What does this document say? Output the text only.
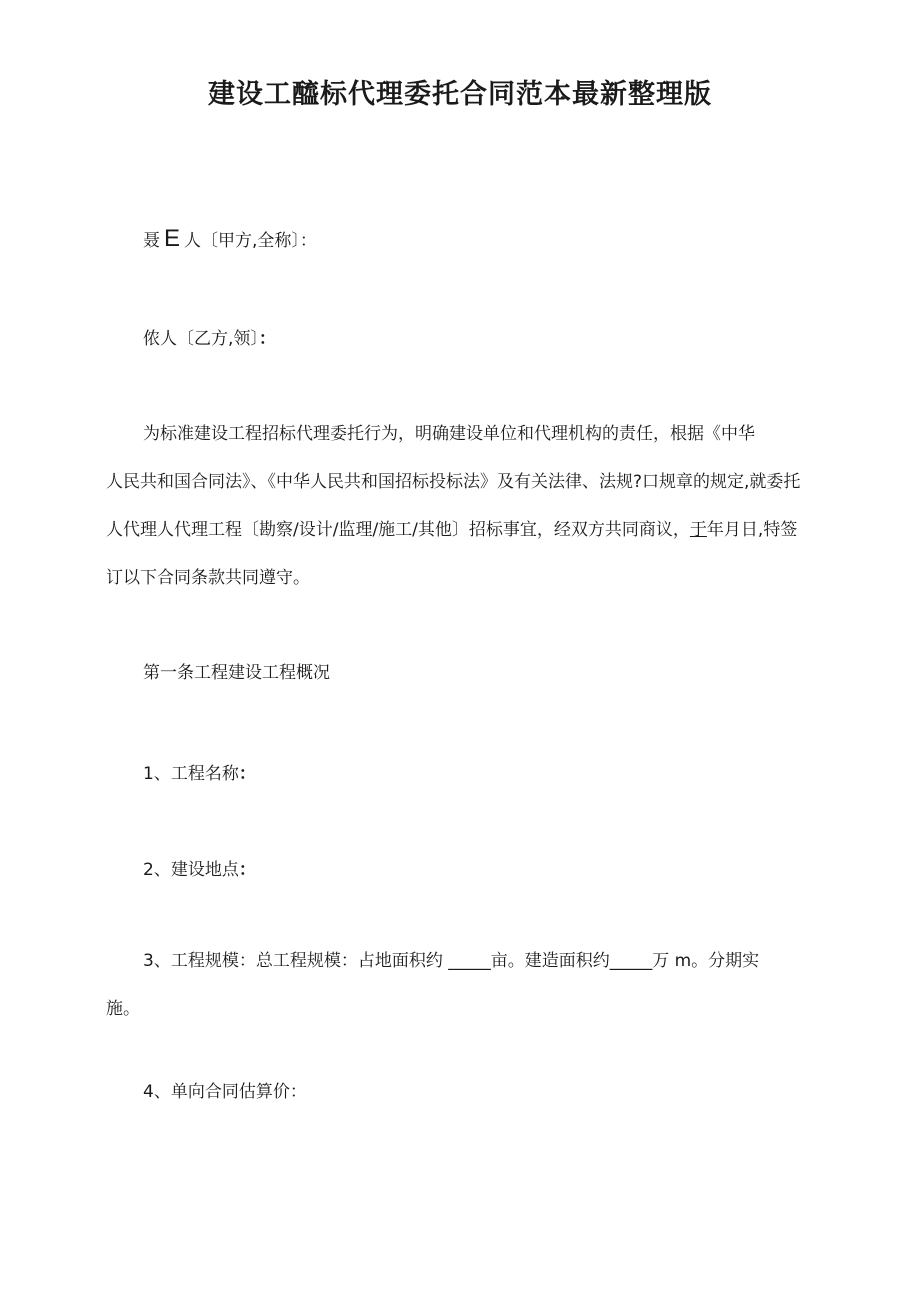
建设工醯标代理委托合同范本最新整理版
聂 E 人〔甲方,全称〕：
侬人〔乙方,领〕：
为标准建设工程招标代理委托行为，明确建设单位和代理机构的责任，根据《中华
人民共和国合同法》、《中华人民共和国招标投标法》及有关法律、法规?口规章的规定,就委托人代理人代理工程〔勘察/设计/监理/施工/其他〕招标事宜，经双方共同商议，于年月日,特签订以下合同条款共同遵守。
第一条工程建设工程概况
1、工程名称：
2、建设地点：
3、工程规模：总工程规模：占地面积约 _____亩。建造面积约_____万 m。分期实
施。
4、单向合同估算价：
